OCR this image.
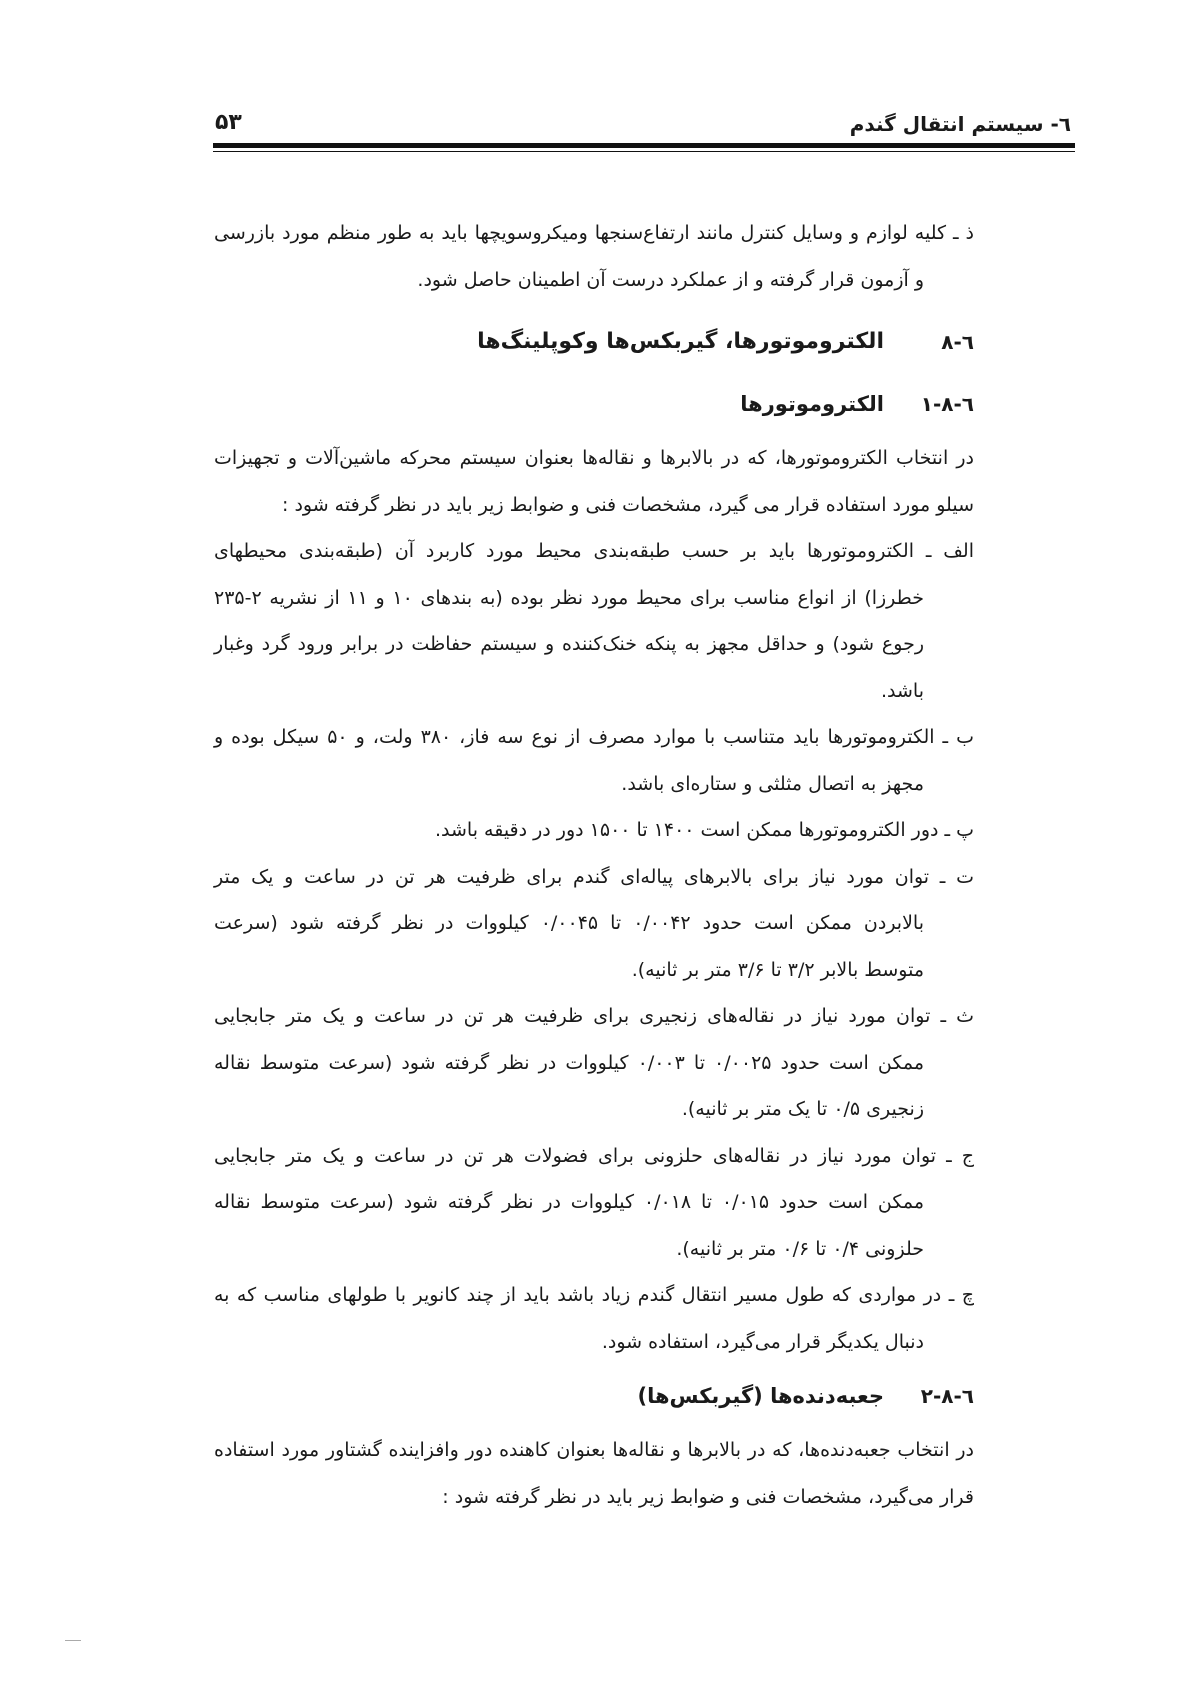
٦- سیستم انتقال گندم
۵۳
ذ ـ کلیه لوازم و وسایل کنترل مانند ارتفاع‌سنجها ومیکروسویچها باید به طور منظم مورد بازرسی
و آزمون قرار گرفته و از عملکرد درست آن اطمینان حاصل شود.
٦-٨
الکتروموتورها، گیربکس‌ها وکوپلینگ‌ها
٦-٨-١
الکتروموتورها
در انتخاب الکتروموتورها، که در بالابرها و نقاله‌ها بعنوان سیستم محرکه ماشین‌آلات و تجهیزات
سیلو مورد استفاده قرار می گیرد، مشخصات فنی و ضوابط زیر باید در نظر گرفته شود :
الف ـ الکتروموتورها باید بر حسب طبقه‌بندی محیط مورد کاربرد آن (طبقه‌بندی محیطهای
خطرزا) از انواع مناسب برای محیط مورد نظر بوده (به بندهای ۱۰ و ۱۱ از نشریه ۲-۲۳۵
رجوع شود) و حداقل مجهز به پنکه خنک‌کننده و سیستم حفاظت در برابر ورود گرد وغبار
باشد.
ب ـ الکتروموتورها باید متناسب با موارد مصرف از نوع سه فاز، ۳۸۰ ولت، و ۵۰ سیکل بوده و
مجهز به اتصال مثلثی و ستاره‌ای باشد.
پ ـ دور الکتروموتورها ممکن است ۱۴۰۰ تا ۱۵۰۰ دور در دقیقه باشد.
ت ـ توان مورد نیاز برای بالابرهای پیاله‌ای گندم برای ظرفیت هر تن در ساعت و یک متر
بالابردن ممکن است حدود ۰/۰۰۴۲ تا ۰/۰۰۴۵ کیلووات در نظر گرفته شود (سرعت
متوسط بالابر ۳/۲ تا ۳/۶ متر بر ثانیه).
ث ـ توان مورد نیاز در نقاله‌های زنجیری برای ظرفیت هر تن در ساعت و یک متر جابجایی
ممکن است حدود ۰/۰۰۲۵ تا ۰/۰۰۳ کیلووات در نظر گرفته شود (سرعت متوسط نقاله
زنجیری ۰/۵ تا یک متر بر ثانیه).
ج ـ توان مورد نیاز در نقاله‌های حلزونی برای فضولات هر تن در ساعت و یک متر جابجایی
ممکن است حدود ۰/۰۱۵ تا ۰/۰۱۸ کیلووات در نظر گرفته شود (سرعت متوسط نقاله
حلزونی ۰/۴ تا ۰/۶ متر بر ثانیه).
چ ـ در مواردی که طول مسیر انتقال گندم زیاد باشد باید از چند کانویر با طولهای مناسب که به
دنبال یکدیگر قرار می‌گیرد، استفاده شود.
٦-٨-٢
جعبه‌دنده‌ها (گیربکس‌ها)
در انتخاب جعبه‌دنده‌ها، که در بالابرها و نقاله‌ها بعنوان کاهنده دور وافزاینده گشتاور مورد استفاده
قرار می‌گیرد، مشخصات فنی و ضوابط زیر باید در نظر گرفته شود :
